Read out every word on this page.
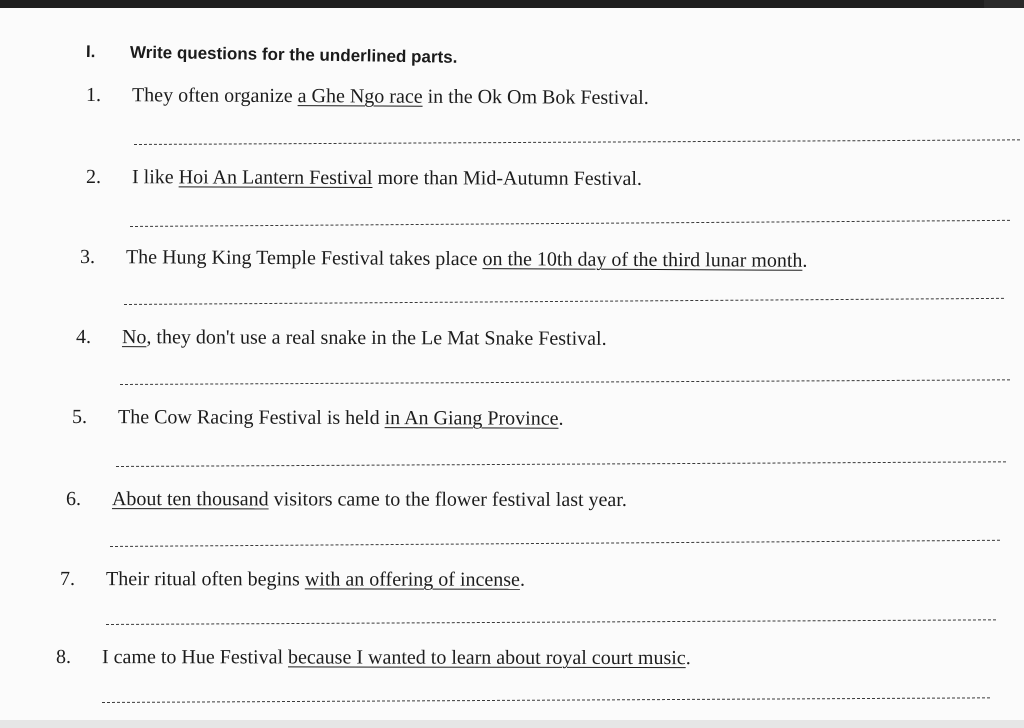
I. Write questions for the underlined parts.
1. They often organize a Ghe Ngo race in the Ok Om Bok Festival.
2. I like Hoi An Lantern Festival more than Mid-Autumn Festival.
3. The Hung King Temple Festival takes place on the 10th day of the third lunar month.
4. No, they don't use a real snake in the Le Mat Snake Festival.
5. The Cow Racing Festival is held in An Giang Province.
6. About ten thousand visitors came to the flower festival last year.
7. Their ritual often begins with an offering of incense.
8. I came to Hue Festival because I wanted to learn about royal court music.
